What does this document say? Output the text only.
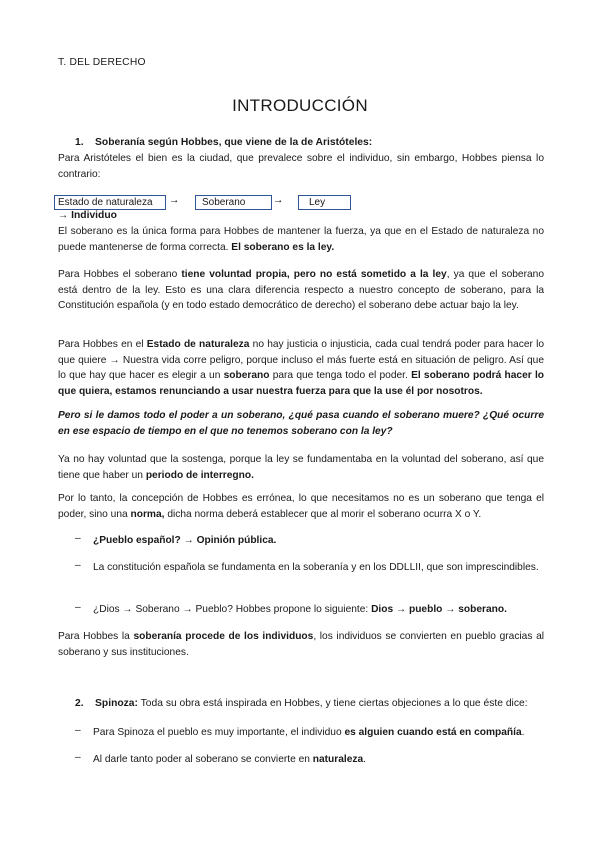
T. DEL DERECHO
INTRODUCCIÓN
1. Soberanía según Hobbes, que viene de la de Aristóteles:

Para Aristóteles el bien es la ciudad, que prevalece sobre el individuo, sin embargo, Hobbes piensa lo contrario:

Estado de naturaleza	→	Soberano	→	Ley
→ Individuo

El soberano es la única forma para Hobbes de mantener la fuerza, ya que en el Estado de naturaleza no puede mantenerse de forma correcta. El soberano es la ley.

Para Hobbes el soberano tiene voluntad propia, pero no está sometido a la ley, ya que el soberano está dentro de la ley. Esto es una clara diferencia respecto a nuestro concepto de soberano, para la Constitución española (y en todo estado democrático de derecho) el soberano debe actuar bajo la ley.

Para Hobbes en el Estado de naturaleza no hay justicia o injusticia, cada cual tendrá poder para hacer lo que quiere → Nuestra vida corre peligro, porque incluso el más fuerte está en situación de peligro. Así que lo que hay que hacer es elegir a un soberano para que tenga todo el poder. El soberano podrá hacer lo que quiera, estamos renunciando a usar nuestra fuerza para que la use él por nosotros.

Pero si le damos todo el poder a un soberano, ¿qué pasa cuando el soberano muere? ¿Qué ocurre en ese espacio de tiempo en el que no tenemos soberano con la ley?

Ya no hay voluntad que la sostenga, porque la ley se fundamentaba en la voluntad del soberano, así que tiene que haber un periodo de interregno.

Por lo tanto, la concepción de Hobbes es errónea, lo que necesitamos no es un soberano que tenga el poder, sino una norma, dicha norma deberá establecer que al morir el soberano ocurra X o Y.

– ¿Pueblo español? → Opinión pública.

– La constitución española se fundamenta en la soberanía y en los DDLLII, que son imprescindibles.

– ¿Dios → Soberano → Pueblo? Hobbes propone lo siguiente: Dios → pueblo → soberano.

Para Hobbes la soberanía procede de los individuos, los individuos se convierten en pueblo gracias al soberano y sus instituciones.

2. Spinoza: Toda su obra está inspirada en Hobbes, y tiene ciertas objeciones a lo que éste dice:
– Para Spinoza el pueblo es muy importante, el individuo es alguien cuando está en compañía.

– Al darle tanto poder al soberano se convierte en naturaleza.
